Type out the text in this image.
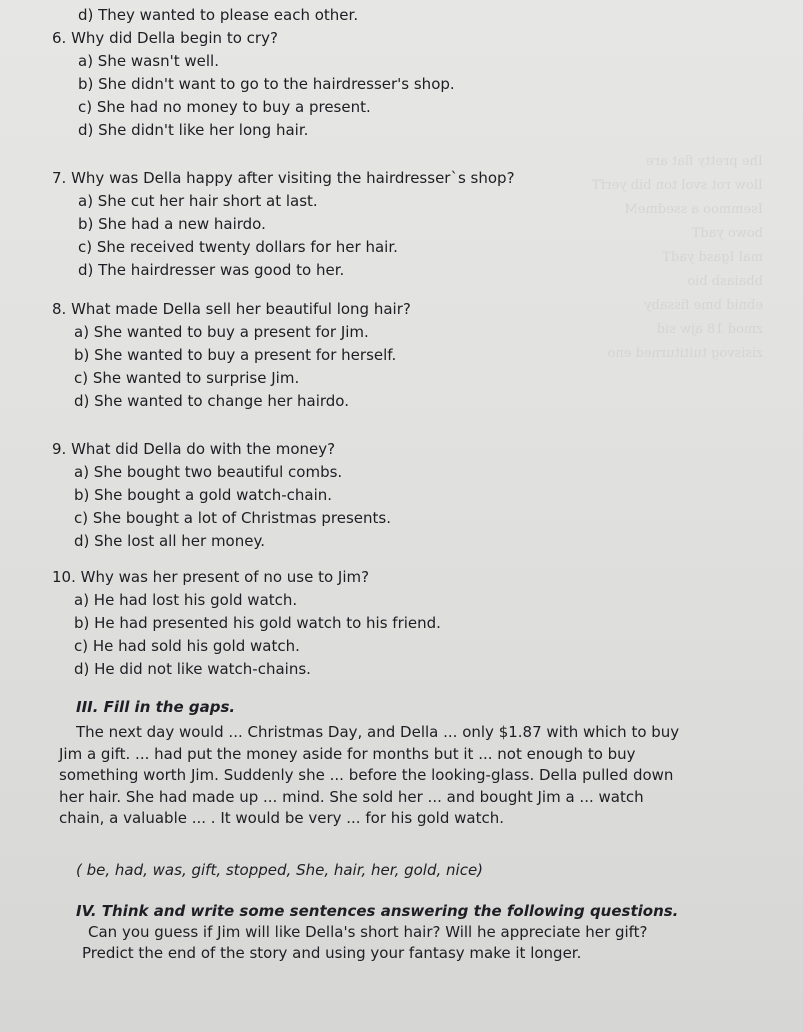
Ihe pretty flat are
Ilow rot svol ton bib yerfT
Isemmoo a ssedmeM
bowo yadT
mal Igasd yadT
bbaiasb bio
ebnid bme fissaby
zmod 18 ajw sid
zisisvog tuititurned eno
d) They wanted to please each other.

6. Why did Della begin to cry?

a) She wasn't well.
b) She didn't want to go to the hairdresser's shop.
c) She had no money to buy a present.
d) She didn't like her long hair.

7. Why was Della happy after visiting the hairdresser`s shop?

a) She cut her hair short at last.
b) She had a new hairdo.
c) She received twenty dollars for her hair.
d) The hairdresser was good to her.

8. What made Della sell her beautiful long hair?

a) She wanted to buy a present for Jim.
b) She wanted to buy a present for herself.
c) She wanted to surprise Jim.
d) She wanted to change her hairdo.

9. What did Della do with the money?

a) She bought two beautiful combs.
b) She bought a gold watch-chain.
c) She bought a lot of Christmas presents.
d) She lost all her money.

10. Why was her present of no use to Jim?

a) He had lost his gold watch.
b) He had presented his gold watch to his friend.
c) He had sold his gold watch.
d) He did not like watch-chains.
III. Fill in the gaps.
The next day would ... Christmas Day, and Della ... only $1.87 with which to buy
Jim a gift. ... had put the money aside for months but it ... not enough to buy
something worth Jim. Suddenly she ... before the looking-glass. Della pulled down
her hair. She had made up ... mind. She sold her ... and bought Jim a ... watch
chain, a valuable ... . It would be very ... for his gold watch.
( be, had, was, gift, stopped, She, hair, her, gold, nice)
IV. Think and write some sentences answering the following questions.
Can you guess if Jim will like Della's short hair? Will he appreciate her gift?
Predict the end of the story and using your fantasy make it longer.
